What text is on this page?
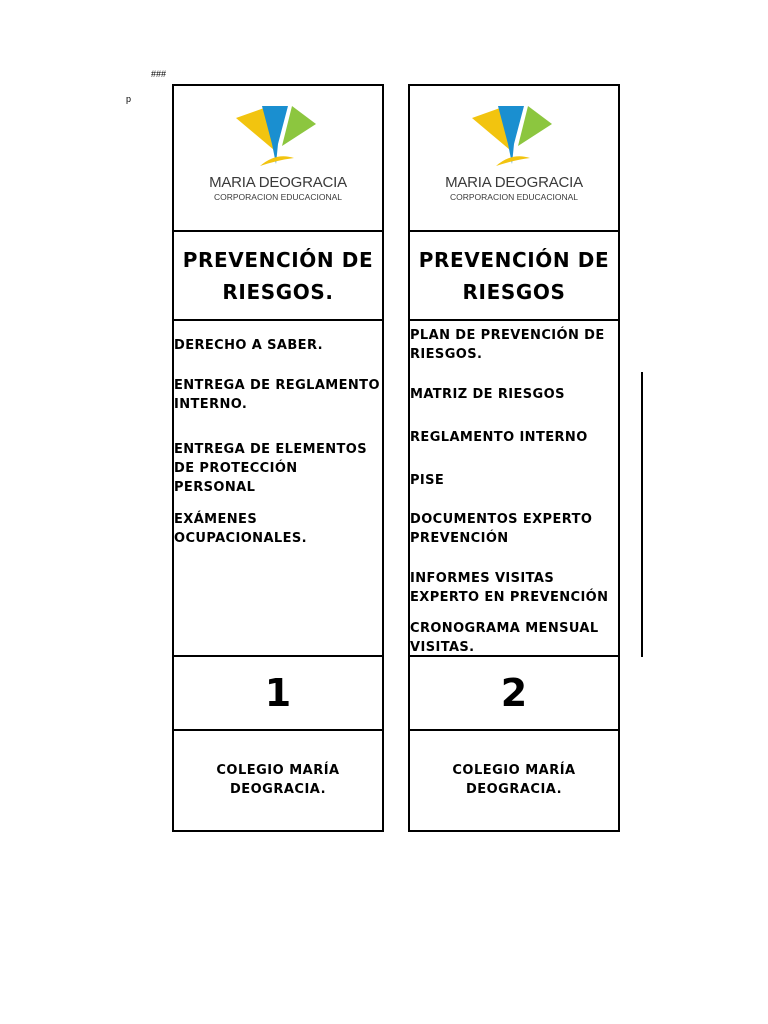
###
p
MARIA DEOGRACIA
CORPORACION EDUCACIONAL
PREVENCIÓN DE
RIESGOS.
DERECHO A SABER.
ENTREGA DE REGLAMENTO
INTERNO.
ENTREGA DE ELEMENTOS
DE PROTECCIÓN PERSONAL
EXÁMENES
OCUPACIONALES.
1
COLEGIO MARÍA
DEOGRACIA.
MARIA DEOGRACIA
CORPORACION EDUCACIONAL
PREVENCIÓN DE
RIESGOS
PLAN DE PREVENCIÓN DE
RIESGOS.
MATRIZ DE RIESGOS
REGLAMENTO INTERNO
PISE
DOCUMENTOS EXPERTO
PREVENCIÓN
INFORMES VISITAS
EXPERTO EN PREVENCIÓN
CRONOGRAMA MENSUAL
VISITAS.
2
COLEGIO MARÍA
DEOGRACIA.
